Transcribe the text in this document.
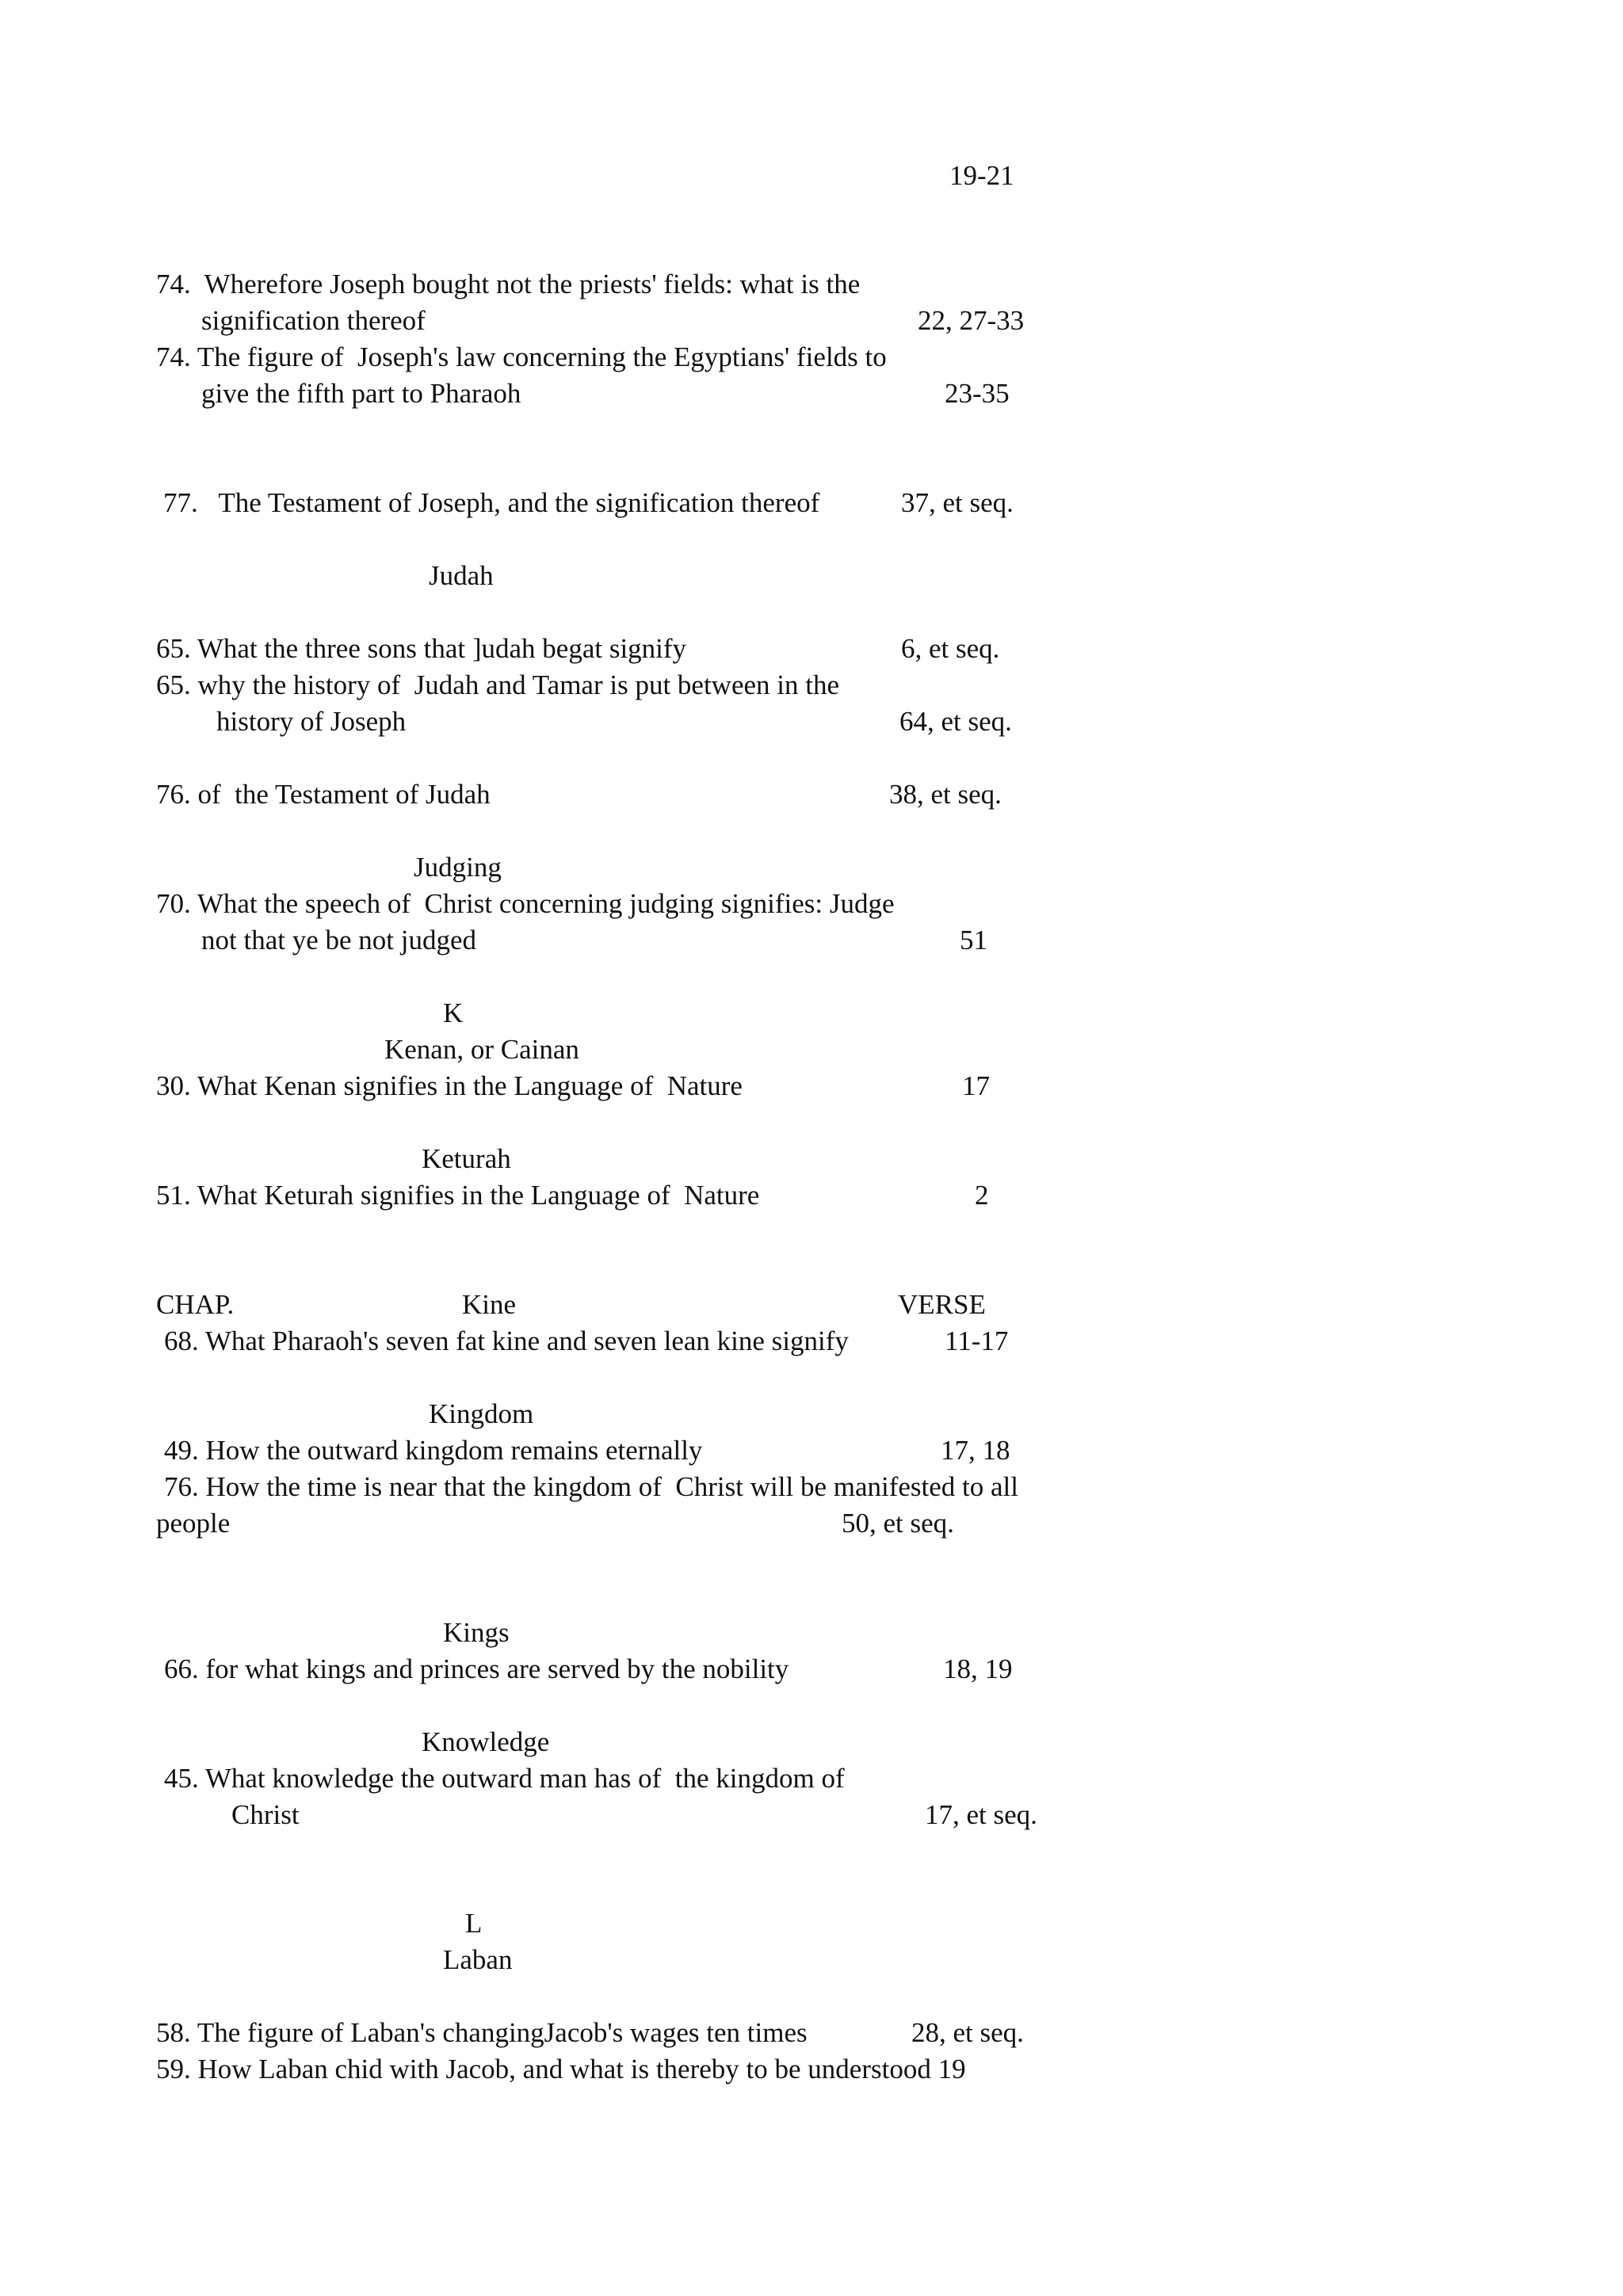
19-21
74.  Wherefore Joseph bought not the priests' fields: what is the
signification thereof	22, 27-33
74. The figure of  Joseph's law concerning the Egyptians' fields to
give the fifth part to Pharaoh	23-35
77.   The Testament of Joseph, and the signification thereof	37, et seq.
Judah
65. What the three sons that ]udah begat signify	6, et seq.
65. why the history of  Judah and Tamar is put between in the
history of Joseph	64, et seq.
76. of  the Testament of Judah	38, et seq.
Judging
70. What the speech of  Christ concerning judging signifies: Judge
not that ye be not judged	51
K
Kenan, or Cainan
30. What Kenan signifies in the Language of  Nature	17
Keturah
51. What Keturah signifies in the Language of  Nature	2
CHAP.	Kine	VERSE
68. What Pharaoh's seven fat kine and seven lean kine signify	11-17
Kingdom
49. How the outward kingdom remains eternally	17, 18
76. How the time is near that the kingdom of  Christ will be manifested to all
people	50, et seq.
Kings
66. for what kings and princes are served by the nobility	18, 19
Knowledge
45. What knowledge the outward man has of  the kingdom of
Christ	17, et seq.
L
Laban
58. The figure of Laban's changingJacob's wages ten times	28, et seq.
59. How Laban chid with Jacob, and what is thereby to be understood 19
